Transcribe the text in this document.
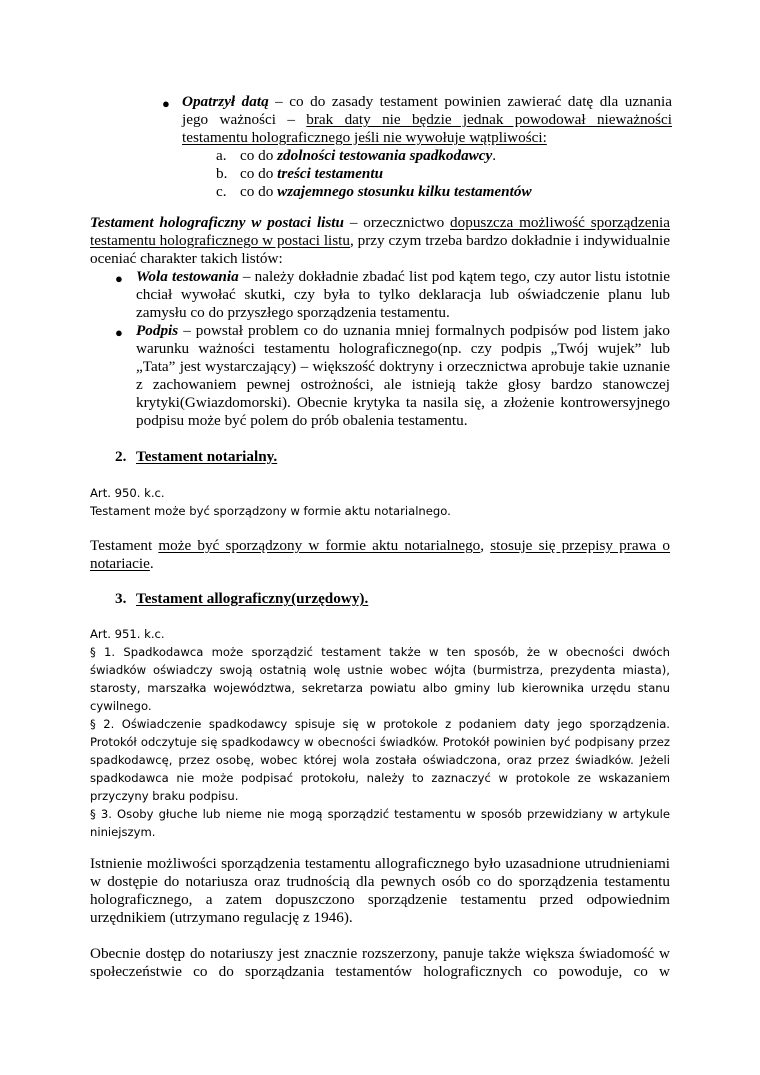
● Opatrzył datą – co do zasady testament powinien zawierać datę dla uznania jego ważności – brak daty nie będzie jednak powodował nieważności testamentu holograficznego jeśli nie wywołuje wątpliwości:
a. co do zdolności testowania spadkodawcy.
b. co do treści testamentu
c. co do wzajemnego stosunku kilku testamentów
Testament holograficzny w postaci listu – orzecznictwo dopuszcza możliwość sporządzenia testamentu holograficznego w postaci listu, przy czym trzeba bardzo dokładnie i indywidualnie oceniać charakter takich listów:
● Wola testowania – należy dokładnie zbadać list pod kątem tego, czy autor listu istotnie chciał wywołać skutki, czy była to tylko deklaracja lub oświadczenie planu lub zamysłu co do przyszłego sporządzenia testamentu.
● Podpis – powstał problem co do uznania mniej formalnych podpisów pod listem jako warunku ważności testamentu holograficznego(np. czy podpis „Twój wujek” lub „Tata” jest wystarczający) – większość doktryny i orzecznictwa aprobuje takie uznanie z zachowaniem pewnej ostrożności, ale istnieją także głosy bardzo stanowczej krytyki(Gwiazdomorski). Obecnie krytyka ta nasila się, a złożenie kontrowersyjnego podpisu może być polem do prób obalenia testamentu.
2. Testament notarialny.
Art. 950. k.c.
Testament może być sporządzony w formie aktu notarialnego.
Testament może być sporządzony w formie aktu notarialnego, stosuje się przepisy prawa o notariacie.
3. Testament allograficzny(urzędowy).
Art. 951. k.c.
§ 1. Spadkodawca może sporządzić testament także w ten sposób, że w obecności dwóch świadków oświadczy swoją ostatnią wolę ustnie wobec wójta (burmistrza, prezydenta miasta), starosty, marszałka województwa, sekretarza powiatu albo gminy lub kierownika urzędu stanu cywilnego.
§ 2. Oświadczenie spadkodawcy spisuje się w protokole z podaniem daty jego sporządzenia. Protokół odczytuje się spadkodawcy w obecności świadków. Protokół powinien być podpisany przez spadkodawcę, przez osobę, wobec której wola została oświadczona, oraz przez świadków. Jeżeli spadkodawca nie może podpisać protokołu, należy to zaznaczyć w protokole ze wskazaniem przyczyny braku podpisu.
§ 3. Osoby głuche lub nieme nie mogą sporządzić testamentu w sposób przewidziany w artykule niniejszym.
Istnienie możliwości sporządzenia testamentu allograficznego było uzasadnione utrudnieniami w dostępie do notariusza oraz trudnością dla pewnych osób co do sporządzenia testamentu holograficznego, a zatem dopuszczono sporządzenie testamentu przed odpowiednim urzędnikiem (utrzymano regulację z 1946).
Obecnie dostęp do notariuszy jest znacznie rozszerzony, panuje także większa świadomość w społeczeństwie co do sporządzania testamentów holograficznych co powoduje, co w
